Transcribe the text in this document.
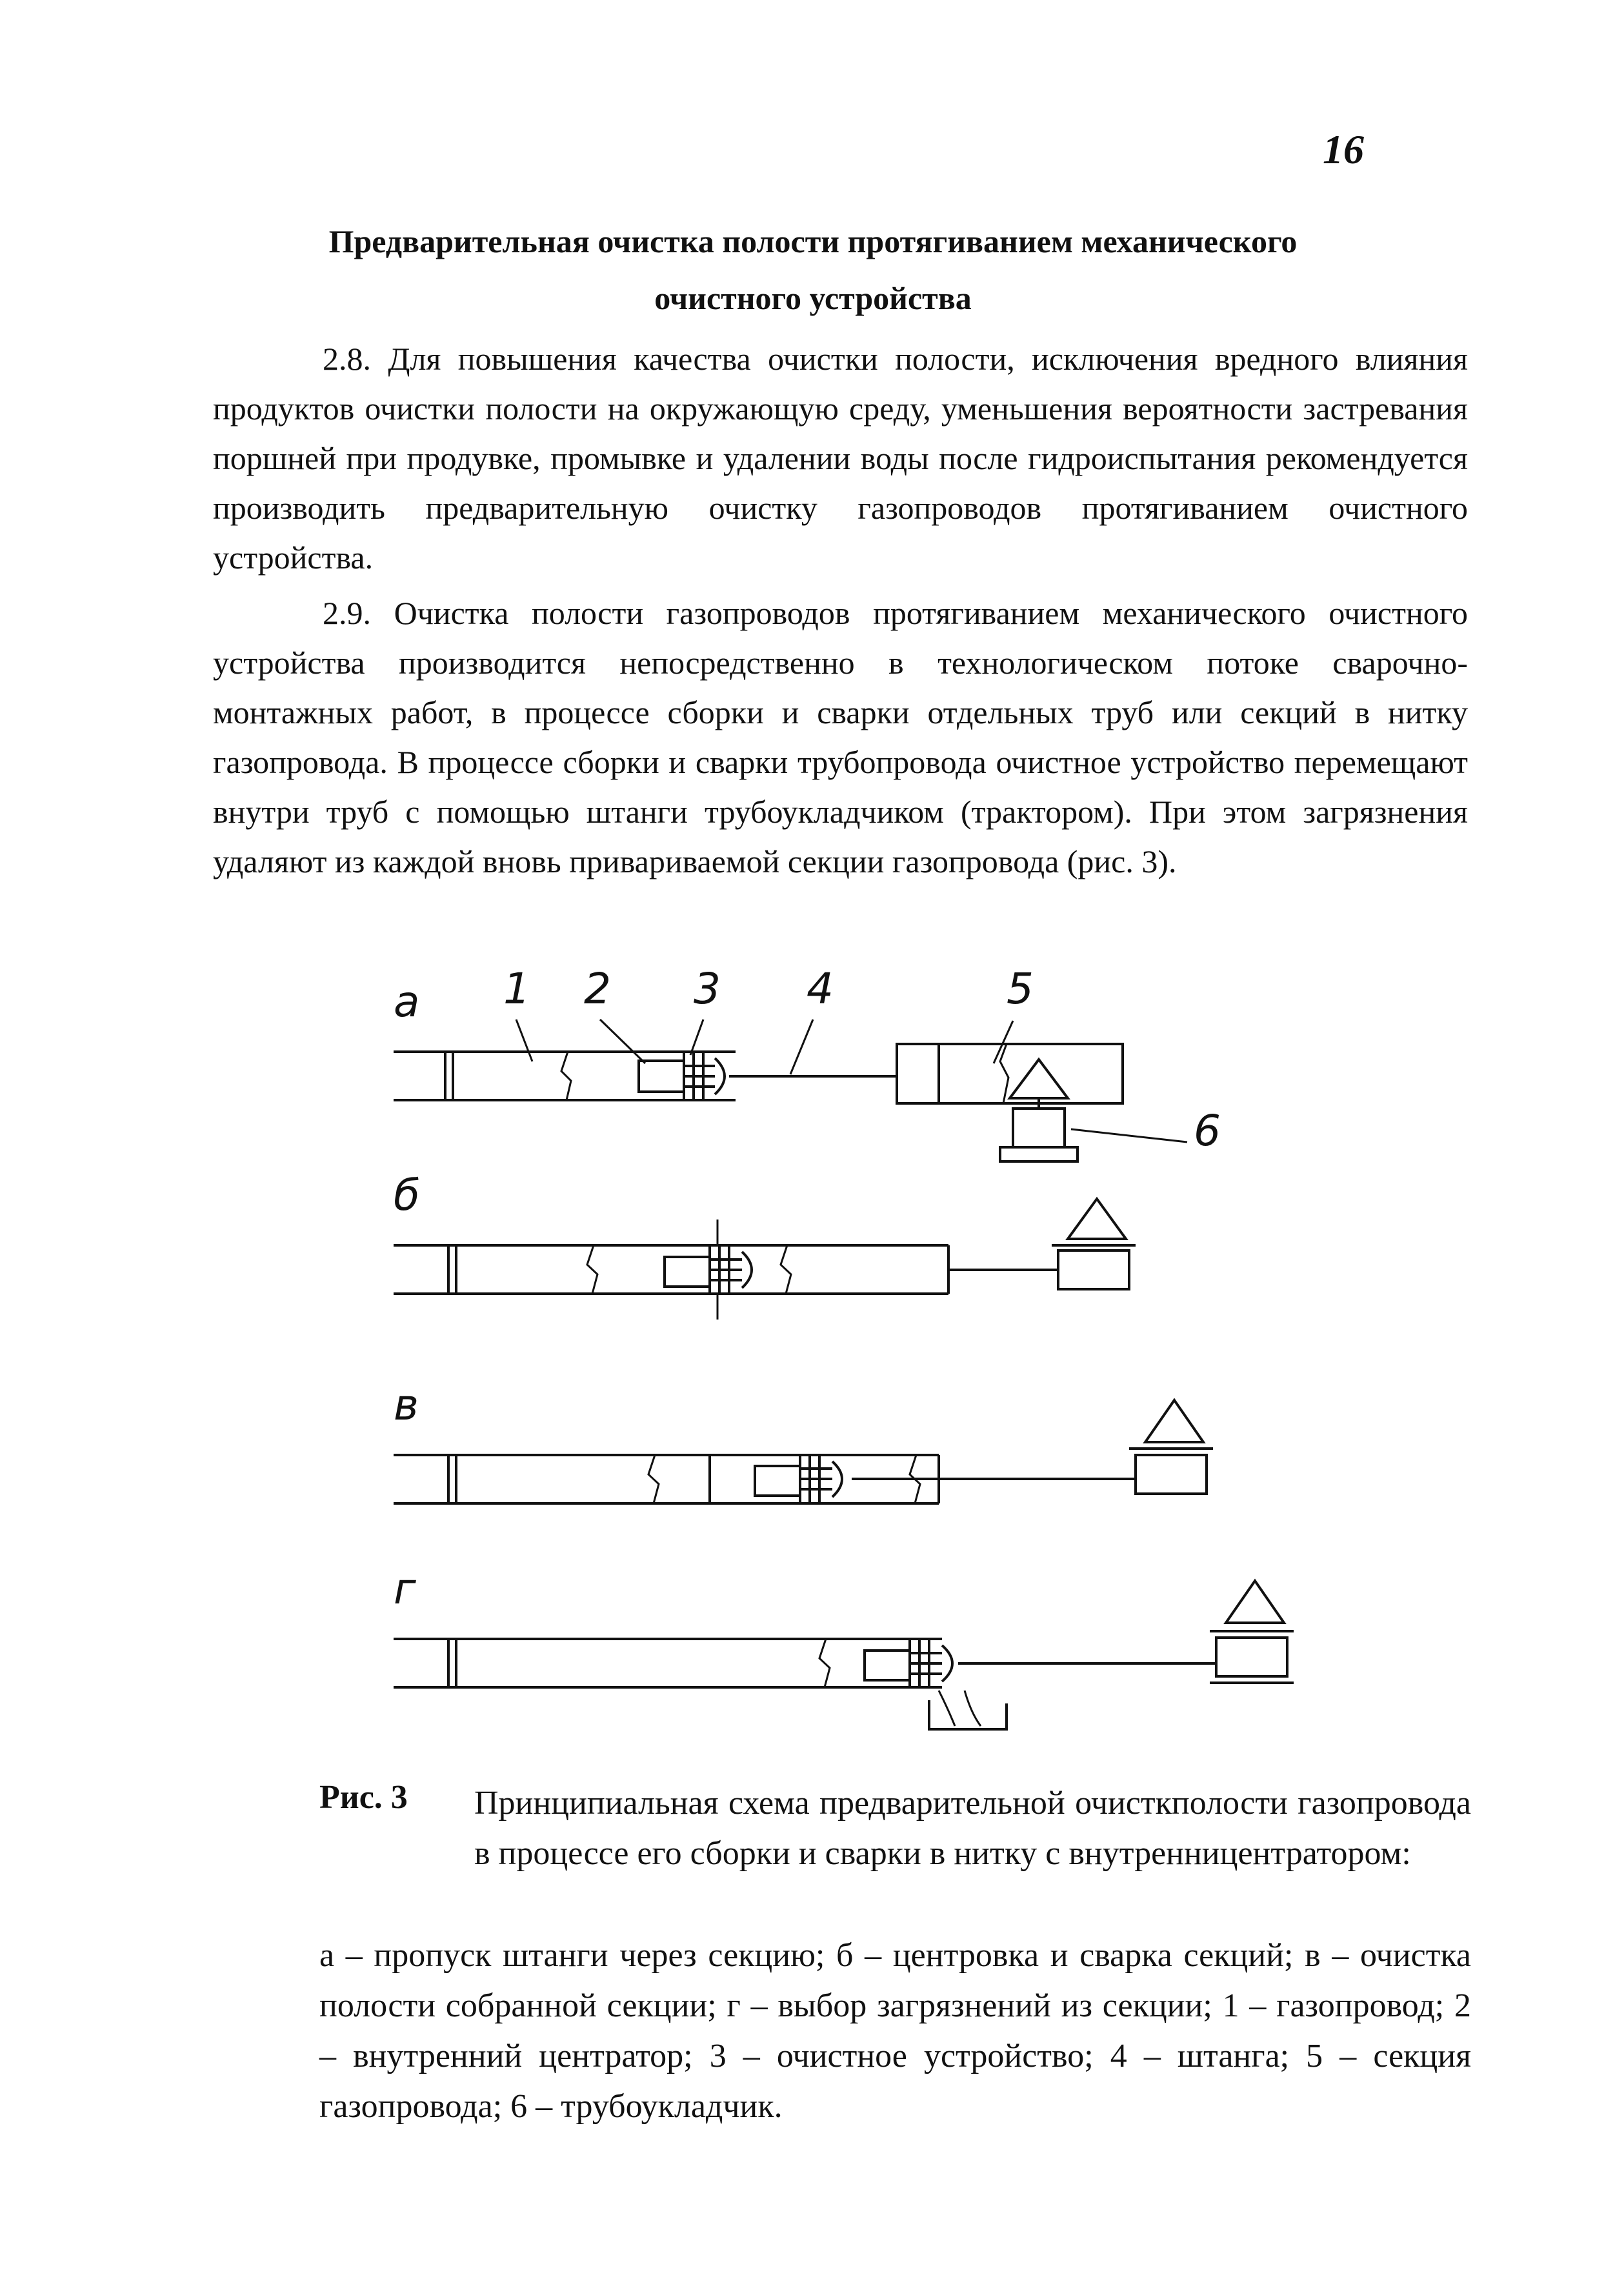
16
Предварительная очистка полости протягиванием механического
очистного устройства

2.8. Для повышения качества очистки полости, исключения вредного влияния продуктов очистки полости на окружающую среду, уменьшения вероятности застревания поршней при продувке, промывке и удалении воды после гидроиспытания рекомендуется производить предварительную очистку газопроводов протягиванием очистного устройства.

2.9. Очистка полости газопроводов протягиванием механического очистного устройства производится непосредственно в технологическом потоке сварочно-монтажных работ, в процессе сборки и сварки отдельных труб или секций в нитку газопровода. В процессе сборки и сварки трубопровода очистное устройство перемещают внутри труб с помощью штанги трубоукладчиком (трактором). При этом загрязнения удаляют из каждой вновь привариваемой секции газопровода (рис. 3).

а
б
в
г
1 2 3 4	5
6
Рис. 3 Принципиальная схема предварительной очисткполости газопровода в процессе его сборки и сварки в нитку с внутренницентратором:

а – пропуск штанги через секцию; б – центровка и сварка секций; в – очистка полости собранной секции; г – выбор загрязнений из секции; 1 – газопровод; 2 – внутренний центратор; 3 – очистное устройство; 4 – штанга; 5 – секция газопровода; 6 – трубоукладчик.
